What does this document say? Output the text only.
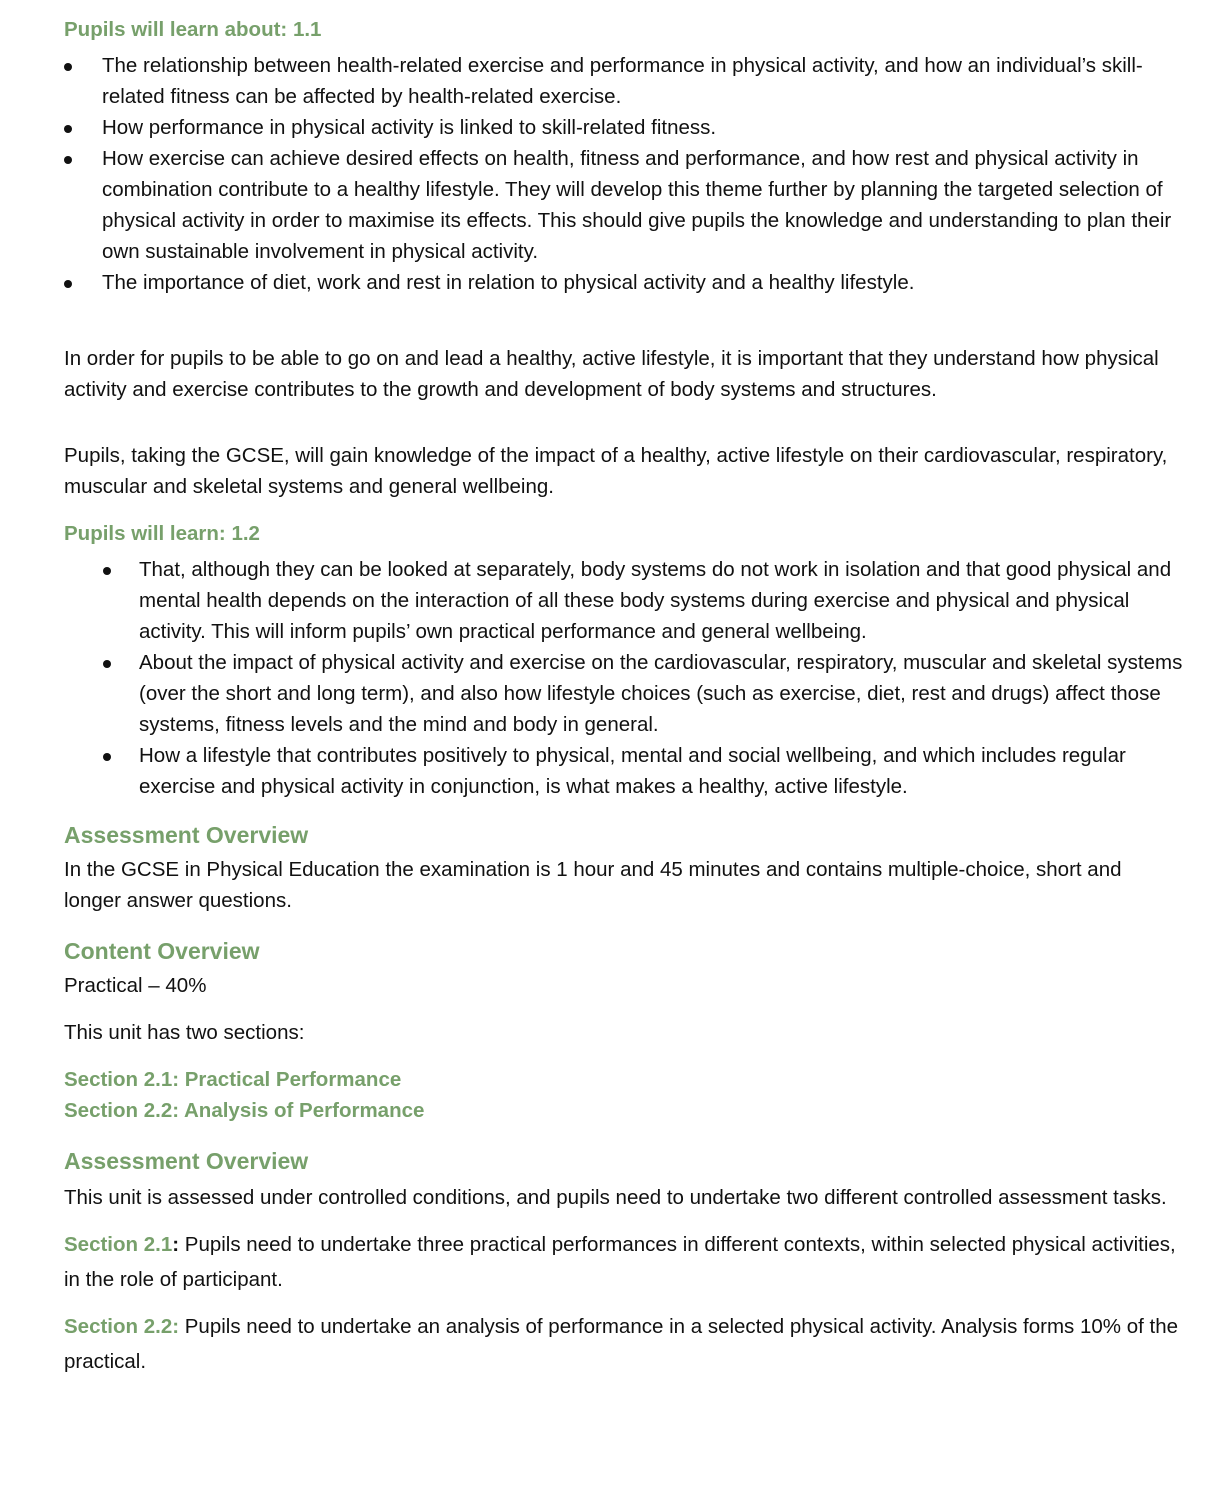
Pupils will learn about: 1.1
The relationship between health-related exercise and performance in physical activity, and how an individual’s skill-related fitness can be affected by health-related exercise.
How performance in physical activity is linked to skill-related fitness.
How exercise can achieve desired effects on health, fitness and performance, and how rest and physical activity in combination contribute to a healthy lifestyle. They will develop this theme further by planning the targeted selection of physical activity in order to maximise its effects. This should give pupils the knowledge and understanding to plan their own sustainable involvement in physical activity.
The importance of diet, work and rest in relation to physical activity and a healthy lifestyle.

In order for pupils to be able to go on and lead a healthy, active lifestyle, it is important that they understand how physical activity and exercise contributes to the growth and development of body systems and structures.

Pupils, taking the GCSE, will gain knowledge of the impact of a healthy, active lifestyle on their cardiovascular, respiratory, muscular and skeletal systems and general wellbeing.

Pupils will learn: 1.2
That, although they can be looked at separately, body systems do not work in isolation and that good physical and mental health depends on the interaction of all these body systems during exercise and physical and physical activity. This will inform pupils’ own practical performance and general wellbeing.
About the impact of physical activity and exercise on the cardiovascular, respiratory, muscular and skeletal systems (over the short and long term), and also how lifestyle choices (such as exercise, diet, rest and drugs) affect those systems, fitness levels and the mind and body in general.
How a lifestyle that contributes positively to physical, mental and social wellbeing, and which includes regular exercise and physical activity in conjunction, is what makes a healthy, active lifestyle.
Assessment Overview

In the GCSE in Physical Education the examination is 1 hour and 45 minutes and contains multiple-choice, short and longer answer questions.

Content Overview

Practical – 40%

This unit has two sections:

Section 2.1: Practical Performance

Section 2.2: Analysis of Performance

Assessment Overview

This unit is assessed under controlled conditions, and pupils need to undertake two different controlled assessment tasks.

Section 2.1: Pupils need to undertake three practical performances in different contexts, within selected physical activities, in the role of participant.

Section 2.2: Pupils need to undertake an analysis of performance in a selected physical activity. Analysis forms 10% of the practical.
